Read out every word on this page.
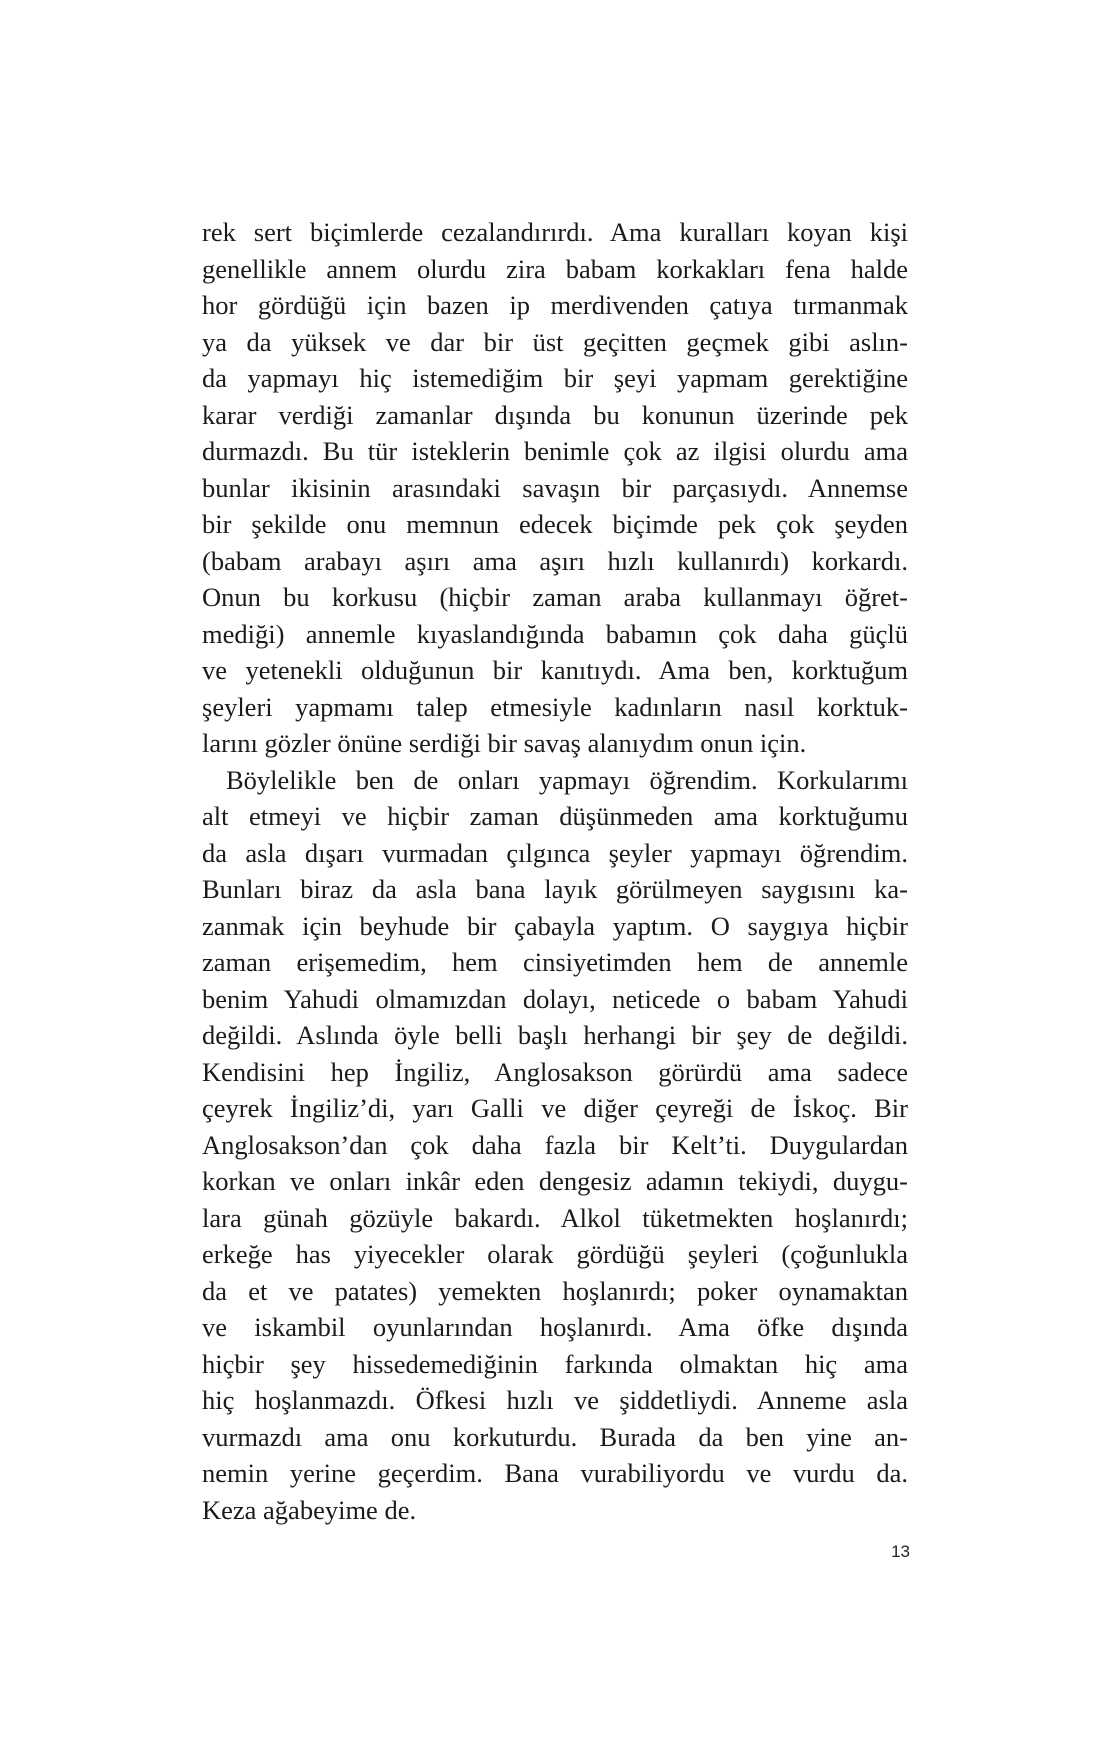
rek sert biçimlerde cezalandırırdı. Ama kuralları koyan kişi
genellikle annem olurdu zira babam korkakları fena halde
hor gördüğü için bazen ip merdivenden çatıya tırmanmak
ya da yüksek ve dar bir üst geçitten geçmek gibi aslın-
da yapmayı hiç istemediğim bir şeyi yapmam gerektiğine
karar verdiği zamanlar dışında bu konunun üzerinde pek
durmazdı. Bu tür isteklerin benimle çok az ilgisi olurdu ama
bunlar ikisinin arasındaki savaşın bir parçasıydı. Annemse
bir şekilde onu memnun edecek biçimde pek çok şeyden
(babam arabayı aşırı ama aşırı hızlı kullanırdı) korkardı.
Onun bu korkusu (hiçbir zaman araba kullanmayı öğret-
mediği) annemle kıyaslandığında babamın çok daha güçlü
ve yetenekli olduğunun bir kanıtıydı. Ama ben, korktuğum
şeyleri yapmamı talep etmesiyle kadınların nasıl korktuk-
larını gözler önüne serdiği bir savaş alanıydım onun için.
Böylelikle ben de onları yapmayı öğrendim. Korkularımı
alt etmeyi ve hiçbir zaman düşünmeden ama korktuğumu
da asla dışarı vurmadan çılgınca şeyler yapmayı öğrendim.
Bunları biraz da asla bana layık görülmeyen saygısını ka-
zanmak için beyhude bir çabayla yaptım. O saygıya hiçbir
zaman erişemedim, hem cinsiyetimden hem de annemle
benim Yahudi olmamızdan dolayı, neticede o babam Yahudi
değildi. Aslında öyle belli başlı herhangi bir şey de değildi.
Kendisini hep İngiliz, Anglosakson görürdü ama sadece
çeyrek İngiliz’di, yarı Galli ve diğer çeyreği de İskoç. Bir
Anglosakson’dan çok daha fazla bir Kelt’ti. Duygulardan
korkan ve onları inkâr eden dengesiz adamın tekiydi, duygu-
lara günah gözüyle bakardı. Alkol tüketmekten hoşlanırdı;
erkeğe has yiyecekler olarak gördüğü şeyleri (çoğunlukla
da et ve patates) yemekten hoşlanırdı; poker oynamaktan
ve iskambil oyunlarından hoşlanırdı. Ama öfke dışında
hiçbir şey hissedemediğinin farkında olmaktan hiç ama
hiç hoşlanmazdı. Öfkesi hızlı ve şiddetliydi. Anneme asla
vurmazdı ama onu korkuturdu. Burada da ben yine an-
nemin yerine geçerdim. Bana vurabiliyordu ve vurdu da.
Keza ağabeyime de.
13
